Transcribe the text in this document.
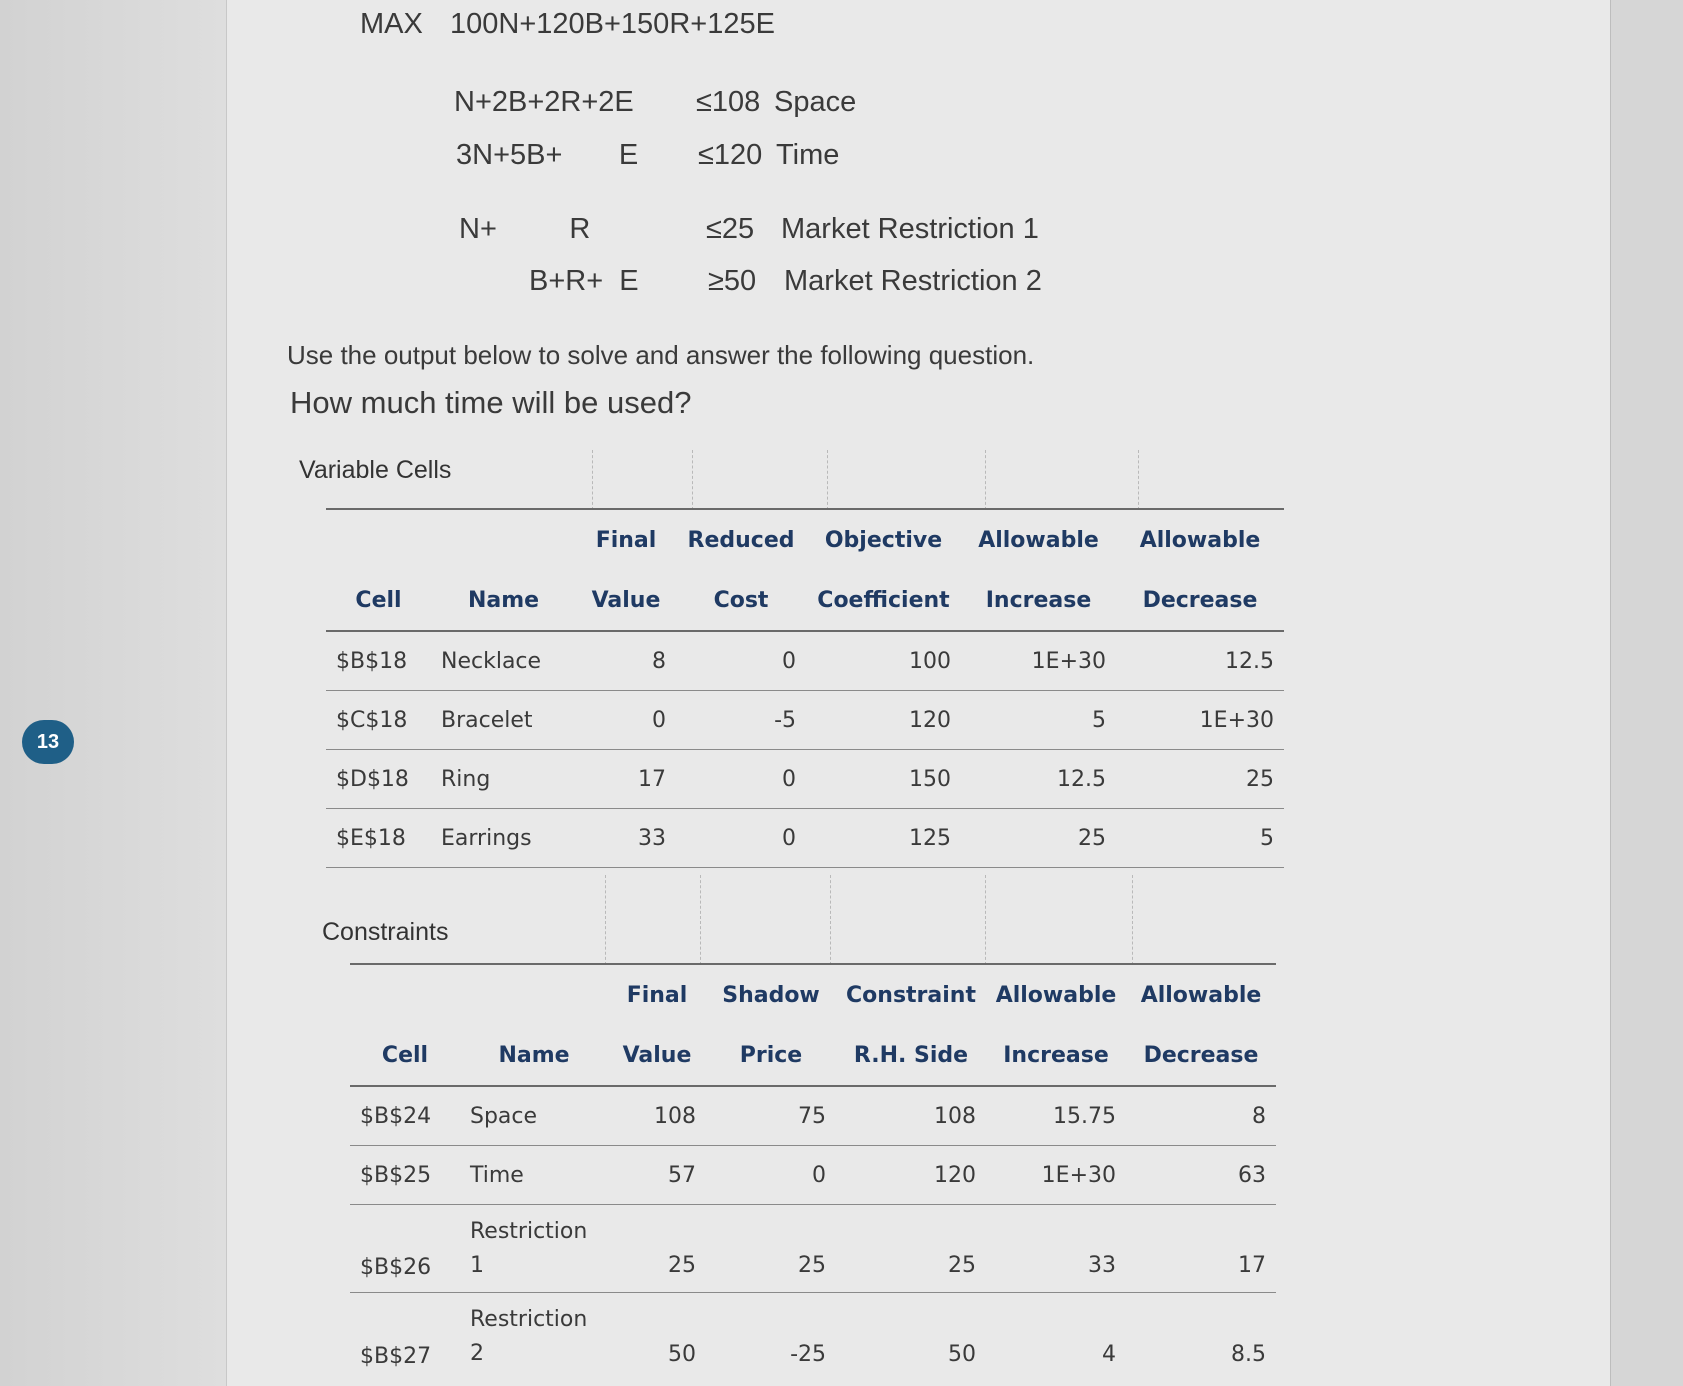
13
MAX 100N+120B+150R+125E
N+2B+2R+2E ≤108 Space
3N+5B+       E ≤120 Time
N+         R	≤25 Market Restriction 1
B+R+  E ≥50 Market Restriction 2
Use the output below to solve and answer the following question.
How much time will be used?
Variable Cells
		Final	Reduced	Objective	Allowable	Allowable
Cell	Name	Value	Cost	Coefficient	Increase	Decrease
$B$18	Necklace	8	0	100	1E+30	12.5
$C$18	Bracelet	0	-5	120	5	1E+30
$D$18	Ring	17	0	150	12.5	25
$E$18	Earrings	33	0	125	25	5
Constraints
		Final	Shadow	Constraint	Allowable	Allowable
Cell	Name	Value	Price	R.H. Side	Increase	Decrease
$B$24	Space	108	75	108	15.75	8
$B$25	Time	57	0	120	1E+30	63
$B$26	Restriction 1	25	25	25	33	17
$B$27	Restriction 2	50	-25	50	4	8.5
